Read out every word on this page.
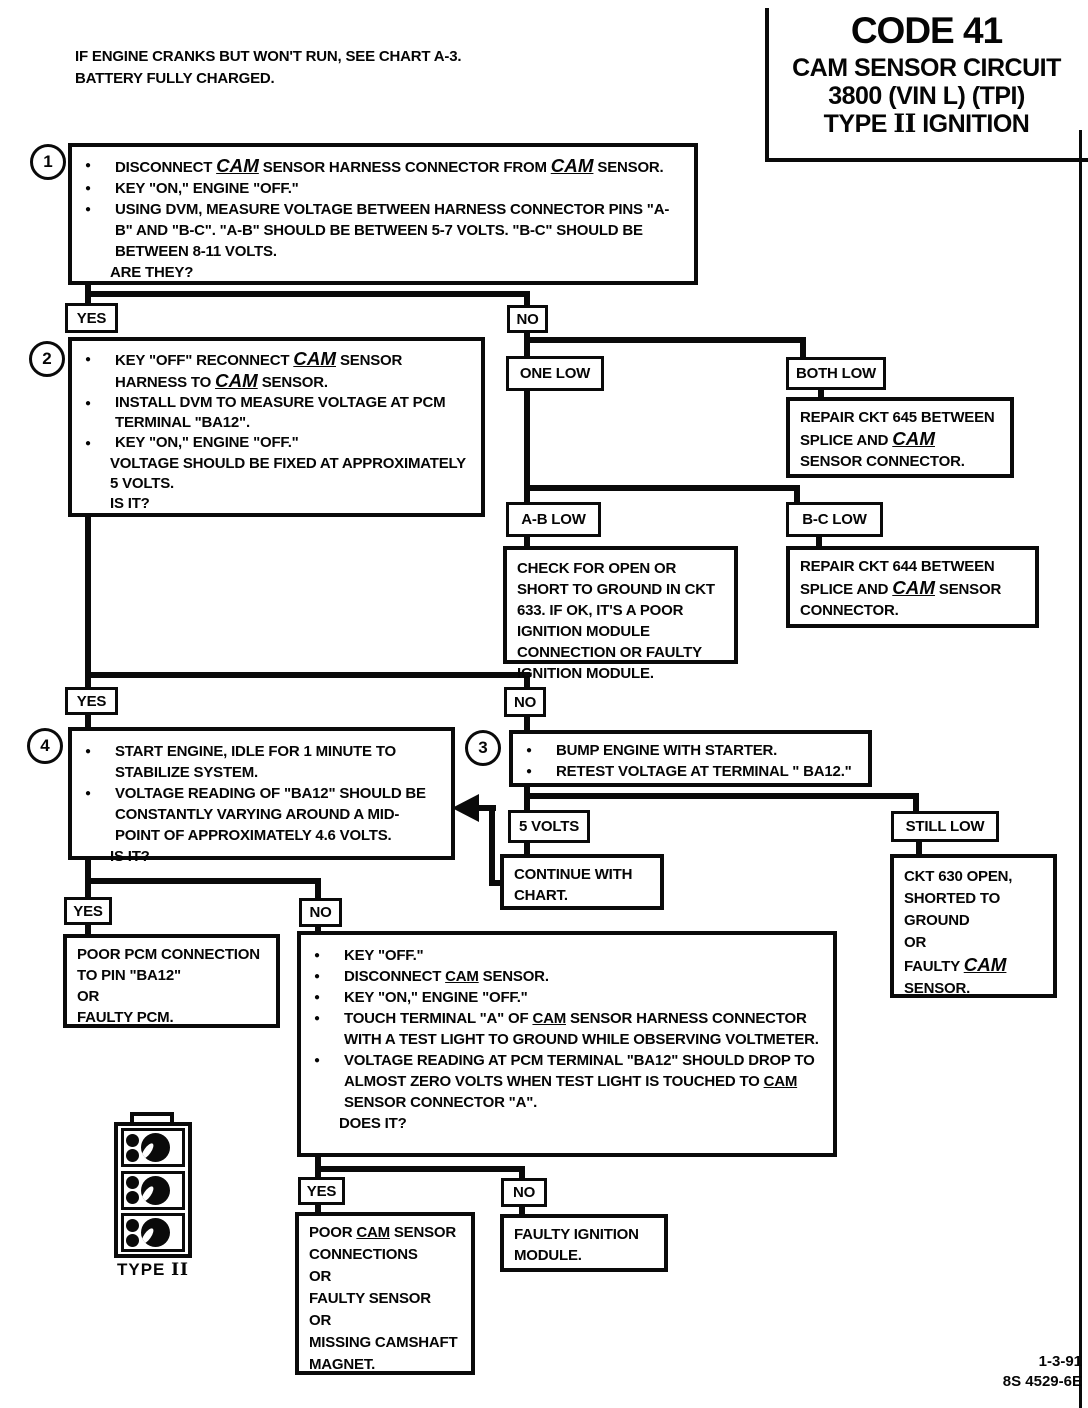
IF ENGINE CRANKS BUT WON'T RUN, SEE CHART A-3.
BATTERY FULLY CHARGED.
CODE 41
CAM SENSOR CIRCUIT
3800 (VIN L) (TPI)
TYPE II IGNITION
1
2
3
4
●	DISCONNECT CAM SENSOR HARNESS CONNECTOR FROM CAM SENSOR.
●	KEY "ON," ENGINE "OFF."
●	USING DVM, MEASURE VOLTAGE BETWEEN HARNESS CONNECTOR PINS "A-B" AND "B-C". "A-B" SHOULD BE BETWEEN 5-7 VOLTS. "B-C" SHOULD BE BETWEEN 8-11 VOLTS.
ARE THEY?
●	KEY "OFF" RECONNECT CAM SENSOR HARNESS TO CAM SENSOR.
●	INSTALL DVM TO MEASURE VOLTAGE AT PCM TERMINAL "BA12".
●	KEY "ON," ENGINE "OFF."
VOLTAGE SHOULD BE FIXED AT APPROXIMATELY 5 VOLTS.
IS IT?
●	BUMP ENGINE WITH STARTER.
●	RETEST VOLTAGE AT TERMINAL " BA12."
●	START ENGINE, IDLE FOR 1 MINUTE TO STABILIZE SYSTEM.
●	VOLTAGE READING OF "BA12" SHOULD BE CONSTANTLY VARYING AROUND A MID-POINT OF APPROXIMATELY 4.6 VOLTS.
IS IT?
●	KEY "OFF."
●	DISCONNECT CAM SENSOR.
●	KEY "ON," ENGINE "OFF."
●	TOUCH TERMINAL "A" OF CAM SENSOR HARNESS CONNECTOR WITH A TEST LIGHT TO GROUND WHILE OBSERVING VOLTMETER.
●	VOLTAGE READING AT PCM TERMINAL "BA12" SHOULD DROP TO ALMOST ZERO VOLTS WHEN TEST LIGHT IS TOUCHED TO CAM SENSOR CONNECTOR "A".
DOES IT?
YES	NO
YES	NO
YES	NO
YES	NO
ONE LOW	BOTH LOW
A-B LOW	B-C LOW
5 VOLTS	STILL LOW
REPAIR CKT 645 BETWEEN SPLICE AND CAM SENSOR CONNECTOR.
CHECK FOR OPEN OR SHORT TO GROUND IN CKT 633. IF OK, IT'S A POOR IGNITION MODULE CONNECTION OR FAULTY IGNITION MODULE.
REPAIR CKT 644 BETWEEN SPLICE AND CAM SENSOR CONNECTOR.
CONTINUE WITH CHART.
CKT 630 OPEN,
SHORTED TO
GROUND
OR
FAULTY CAM
SENSOR.
POOR PCM CONNECTION
TO PIN "BA12"
OR
FAULTY PCM.
POOR CAM SENSOR
CONNECTIONS
OR
FAULTY SENSOR
OR
MISSING CAMSHAFT
MAGNET.
FAULTY IGNITION
MODULE.
TYPE II
1-3-91
8S 4529-6E
